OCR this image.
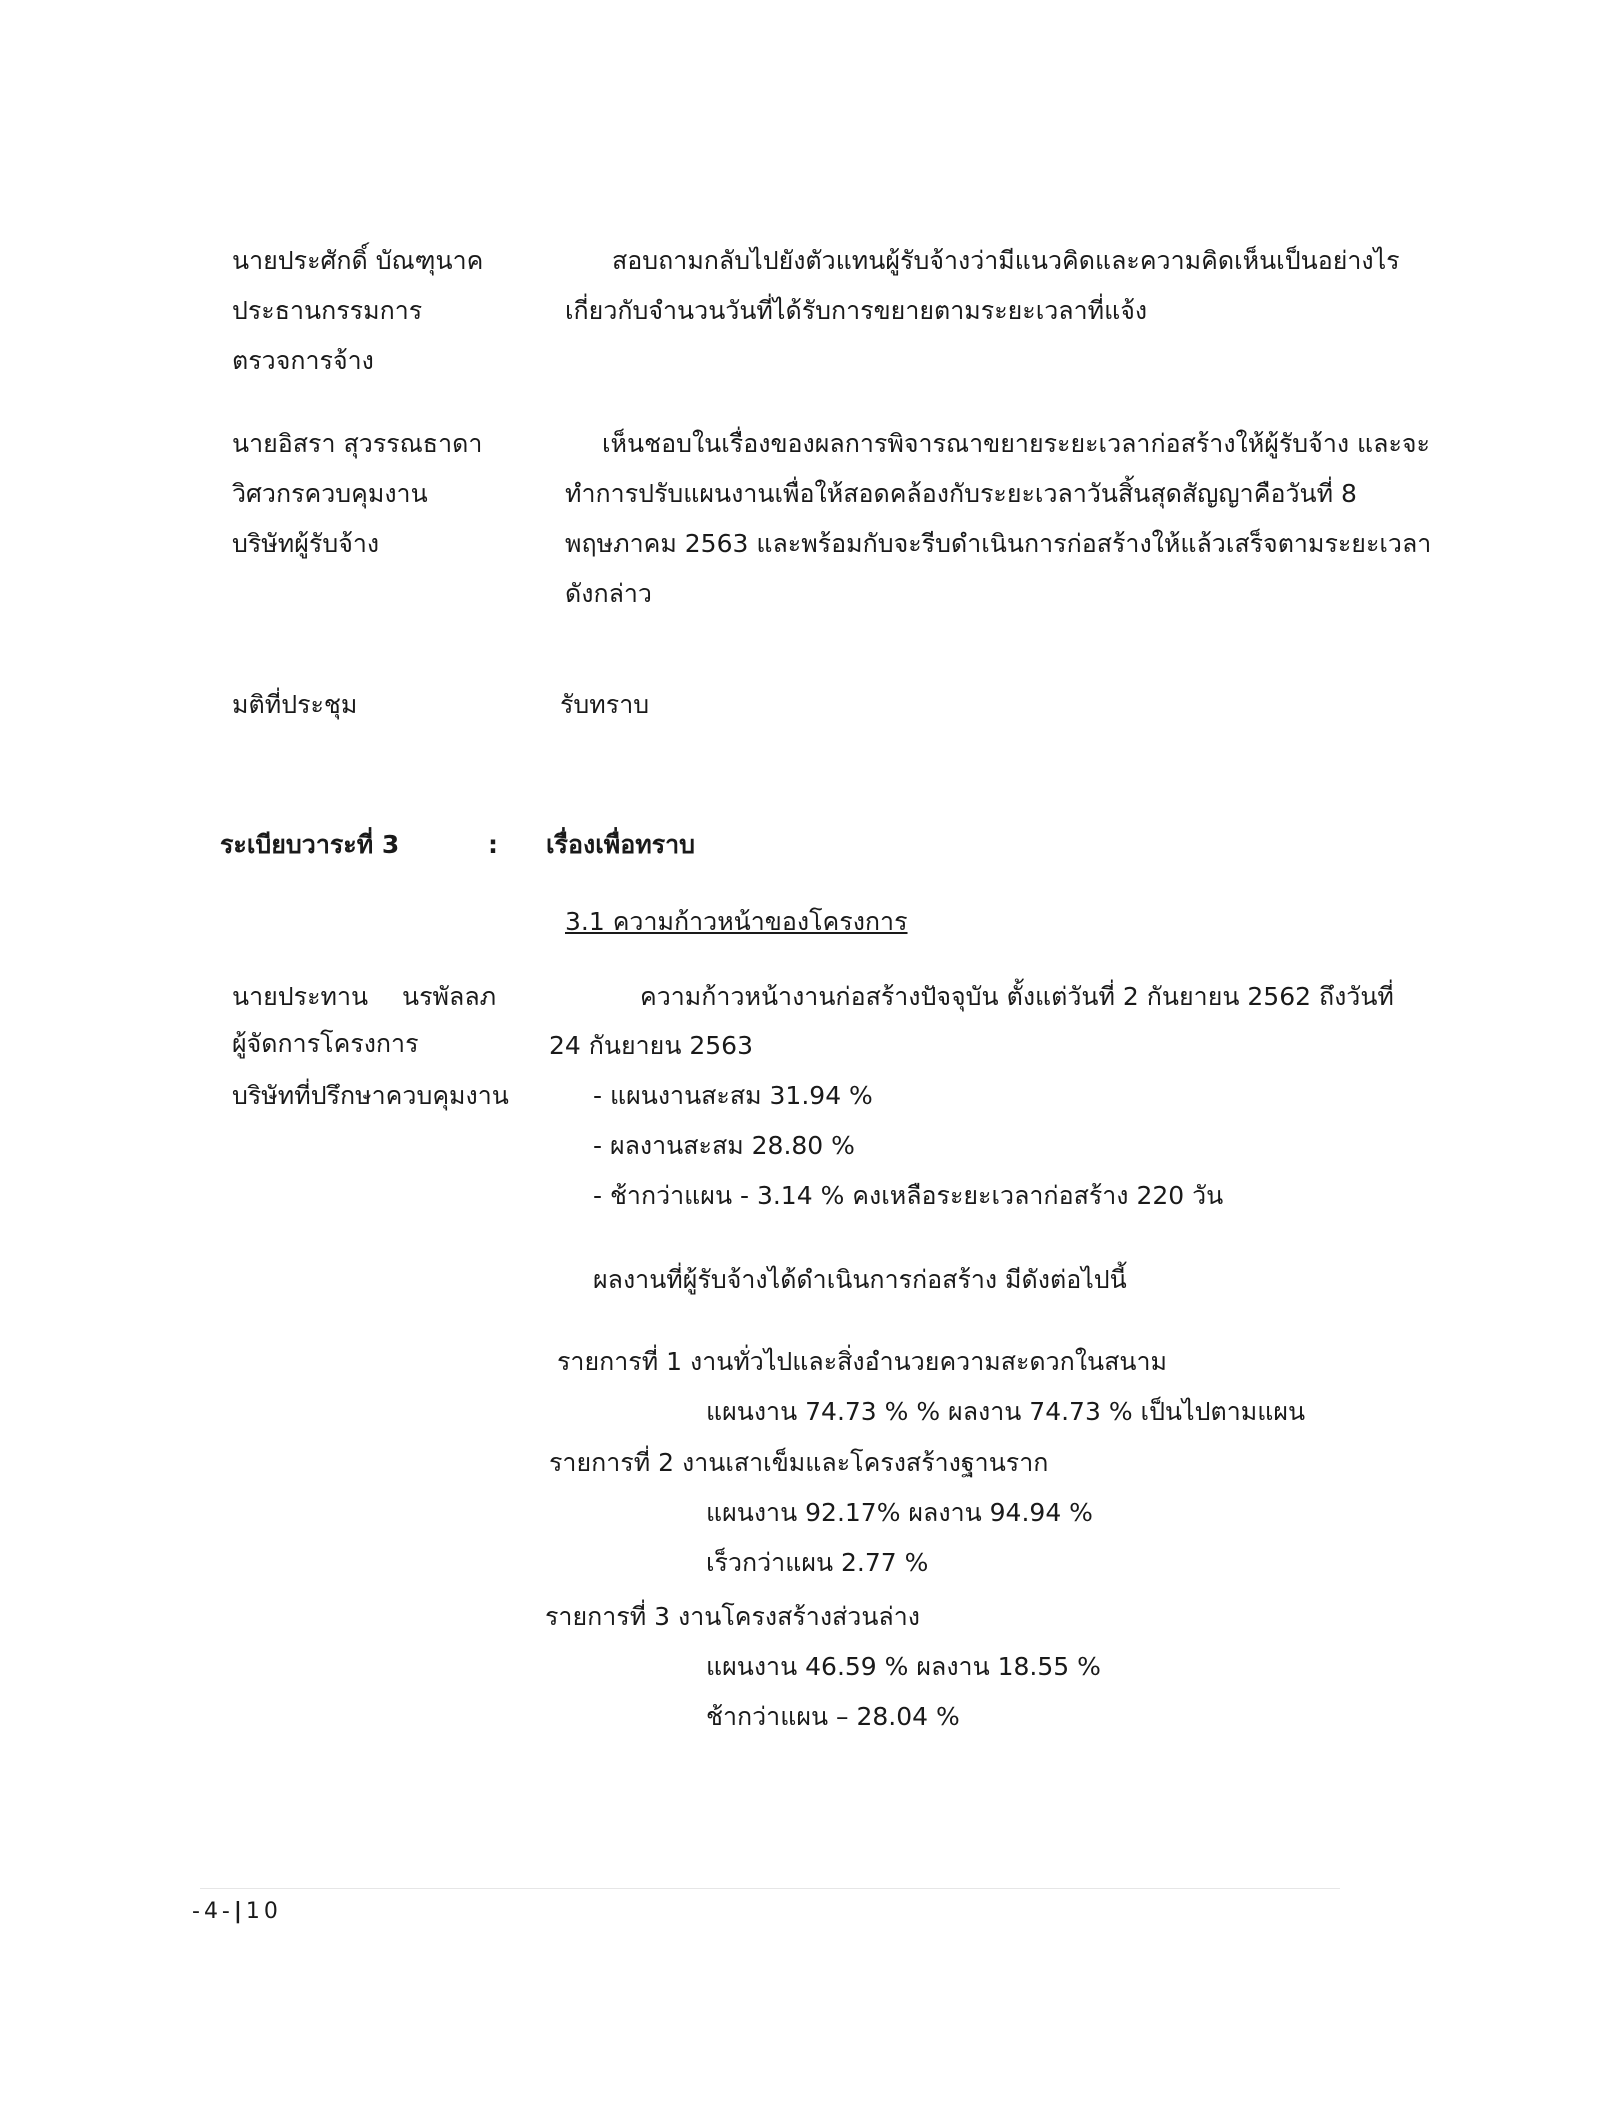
นายประศักดิ์ บัณฑุนาค
ประธานกรรมการ
ตรวจการจ้าง
สอบถามกลับไปยังตัวแทนผู้รับจ้างว่ามีแนวคิดและความคิดเห็นเป็นอย่างไร
เกี่ยวกับจำนวนวันที่ได้รับการขยายตามระยะเวลาที่แจ้ง
นายอิสรา สุวรรณธาดา
วิศวกรควบคุมงาน
บริษัทผู้รับจ้าง
เห็นชอบในเรื่องของผลการพิจารณาขยายระยะเวลาก่อสร้างให้ผู้รับจ้าง และจะ
ทำการปรับแผนงานเพื่อให้สอดคล้องกับระยะเวลาวันสิ้นสุดสัญญาคือวันที่ 8
พฤษภาคม 2563 และพร้อมกับจะรีบดำเนินการก่อสร้างให้แล้วเสร็จตามระยะเวลา
ดังกล่าว
มติที่ประชุม	รับทราบ
ระเบียบวาระที่ 3	: เรื่องเพื่อทราบ
3.1 ความก้าวหน้าของโครงการ
นายประทาน นรพัลลภ
ผู้จัดการโครงการ
บริษัทที่ปรึกษาควบคุมงาน
ความก้าวหน้างานก่อสร้างปัจจุบัน ตั้งแต่วันที่ 2 กันยายน 2562 ถึงวันที่
24 กันยายน 2563
- แผนงานสะสม 31.94 %
- ผลงานสะสม 28.80 %
- ช้ากว่าแผน - 3.14 % คงเหลือระยะเวลาก่อสร้าง 220 วัน
ผลงานที่ผู้รับจ้างได้ดำเนินการก่อสร้าง มีดังต่อไปนี้
รายการที่ 1 งานทั่วไปและสิ่งอำนวยความสะดวกในสนาม
แผนงาน 74.73 % % ผลงาน 74.73 % เป็นไปตามแผน
รายการที่ 2 งานเสาเข็มและโครงสร้างฐานราก
แผนงาน 92.17% ผลงาน 94.94 %
เร็วกว่าแผน 2.77 %
รายการที่ 3 งานโครงสร้างส่วนล่าง
แผนงาน 46.59 % ผลงาน 18.55 %
ช้ากว่าแผน – 28.04 %
-4-|10
